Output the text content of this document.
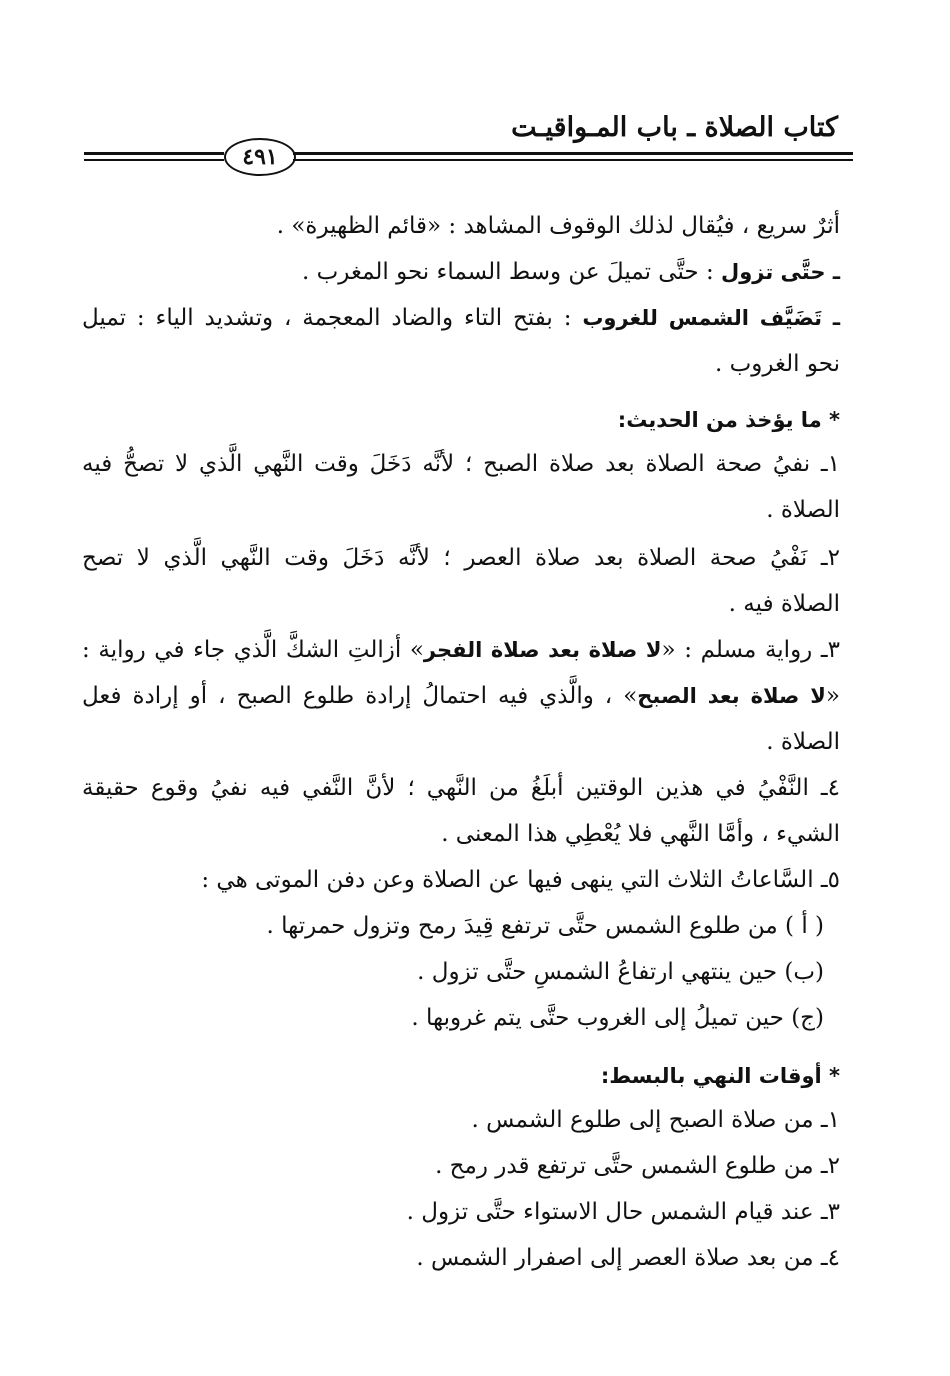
كتاب الصلاة ـ باب المـواقيـت
٤٩١
أثرٌ سريع ، فيُقال لذلك الوقوف المشاهد : «قائم الظهيرة» .
ـ حتَّى تزول : حتَّى تميلَ عن وسط السماء نحو المغرب .
ـ تَضَيَّف الشمس للغروب : بفتح التاء والضاد المعجمة ، وتشديد الياء : تميل
نحو الغروب .
* ما يؤخذ من الحديث:
١ـ نفيُ صحة الصلاة بعد صلاة الصبح ؛ لأنَّه دَخَلَ وقت النَّهي الَّذي لا تصحُّ فيه
الصلاة .
٢ـ نَفْيُ صحة الصلاة بعد صلاة العصر ؛ لأنَّه دَخَلَ وقت النَّهي الَّذي لا تصح
الصلاة فيه .
٣ـ رواية مسلم : «لا صلاة بعد صلاة الفجر» أزالتِ الشكَّ الَّذي جاء في رواية :
«لا صلاة بعد الصبح» ، والَّذي فيه احتمالُ إرادة طلوع الصبح ، أو إرادة فعل
الصلاة .
٤ـ النَّفْيُ في هذين الوقتين أبلَغُ من النَّهي ؛ لأنَّ النَّفي فيه نفيُ وقوع حقيقة
الشيء ، وأمَّا النَّهي فلا يُعْطِي هذا المعنى .
٥ـ السَّاعاتُ الثلاث التي ينهى فيها عن الصلاة وعن دفن الموتى هي :
( أ ) من طلوع الشمس حتَّى ترتفع قِيدَ رمح وتزول حمرتها .
(ب) حين ينتهي ارتفاعُ الشمسِ حتَّى تزول .
(ج) حين تميلُ إلى الغروب حتَّى يتم غروبها .
* أوقات النهي بالبسط:
١ـ من صلاة الصبح إلى طلوع الشمس .
٢ـ من طلوع الشمس حتَّى ترتفع قدر رمح .
٣ـ عند قيام الشمس حال الاستواء حتَّى تزول .
٤ـ من بعد صلاة العصر إلى اصفرار الشمس .
